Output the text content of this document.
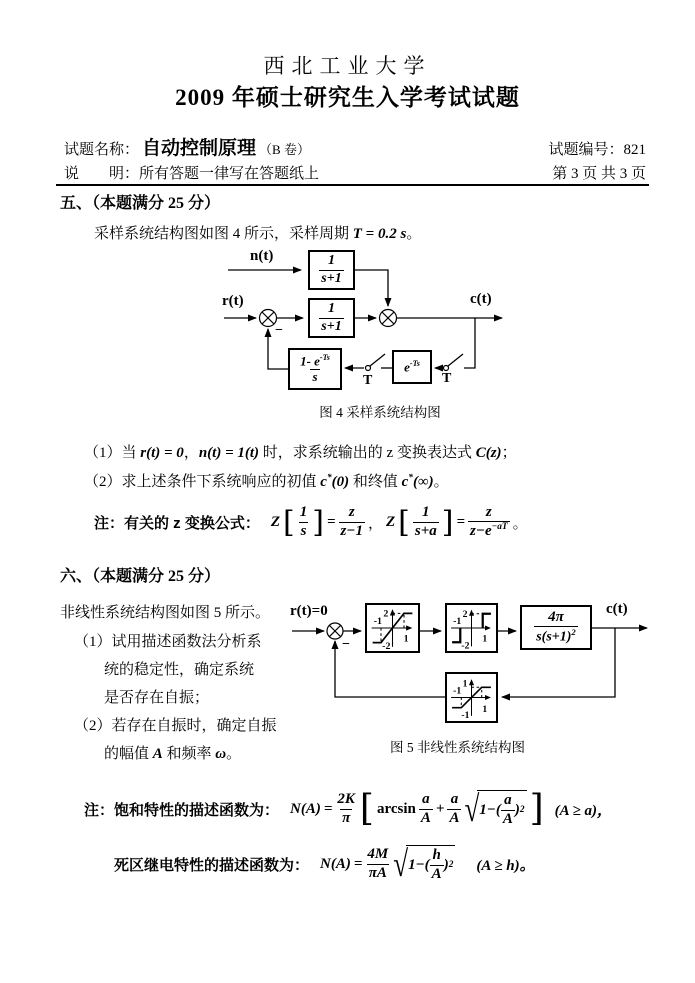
西北工业大学
2009 年硕士研究生入学考试试题
试题名称： 自动控制原理 （B 卷）	试题编号： 821
说　　明： 所有答题一律写在答题纸上	第 3 页 共 3 页
五、（本题满分 25 分）
采样系统结构图如图 4 所示，采样周期 T = 0.2 s。
$\frac{1}{s+1}$
$\frac{1}{s+1}$
$e^{-Ts}$
$\frac{1- e^{-Ts}}{s}$
n(t)
r(t)	c(t)
−
T	T
图 4 采样系统结构图
（1）当 r(t) = 0，n(t) = 1(t) 时，求系统输出的 z 变换表达式 C(z)；
（2）求上述条件下系统响应的初值 c*(0) 和终值 c*(∞)。
注：有关的 z 变换公式： Z [ $\frac{1}{s}$ ] = $\frac{z}{z-1}$ ， Z [ $\frac{1}{s+a}$ ] = $\frac{z}{z-e^{-aT}}$ 。
六、（本题满分 25 分）
非线性系统结构图如图 5 所示。
（1）试用描述函数法分析系
统的稳定性，确定系统
是否存在自振；
（2）若存在自振时，确定自振
的幅值 A 和频率 ω。
2
-1
1
-2
2
-1
1
-2	$\frac{4\pi}{s(s+1)^2}$
1
-1
1
-1
r(t)=0	c(t)
−
图 5 非线性系统结构图
注：饱和特性的描述函数为： $N(A) = \frac{2K}{\pi}$ [ $\arcsin \frac{a}{A} + \frac{a}{A}$ √ $1-( \frac{a}{A}$ ) 2 ] (A ≥ a)，
死区继电特性的描述函数为： $N(A) = \frac{4M}{\pi A}$ √ $1-( \frac{h}{A}$ ) 2 (A ≥ h)。
